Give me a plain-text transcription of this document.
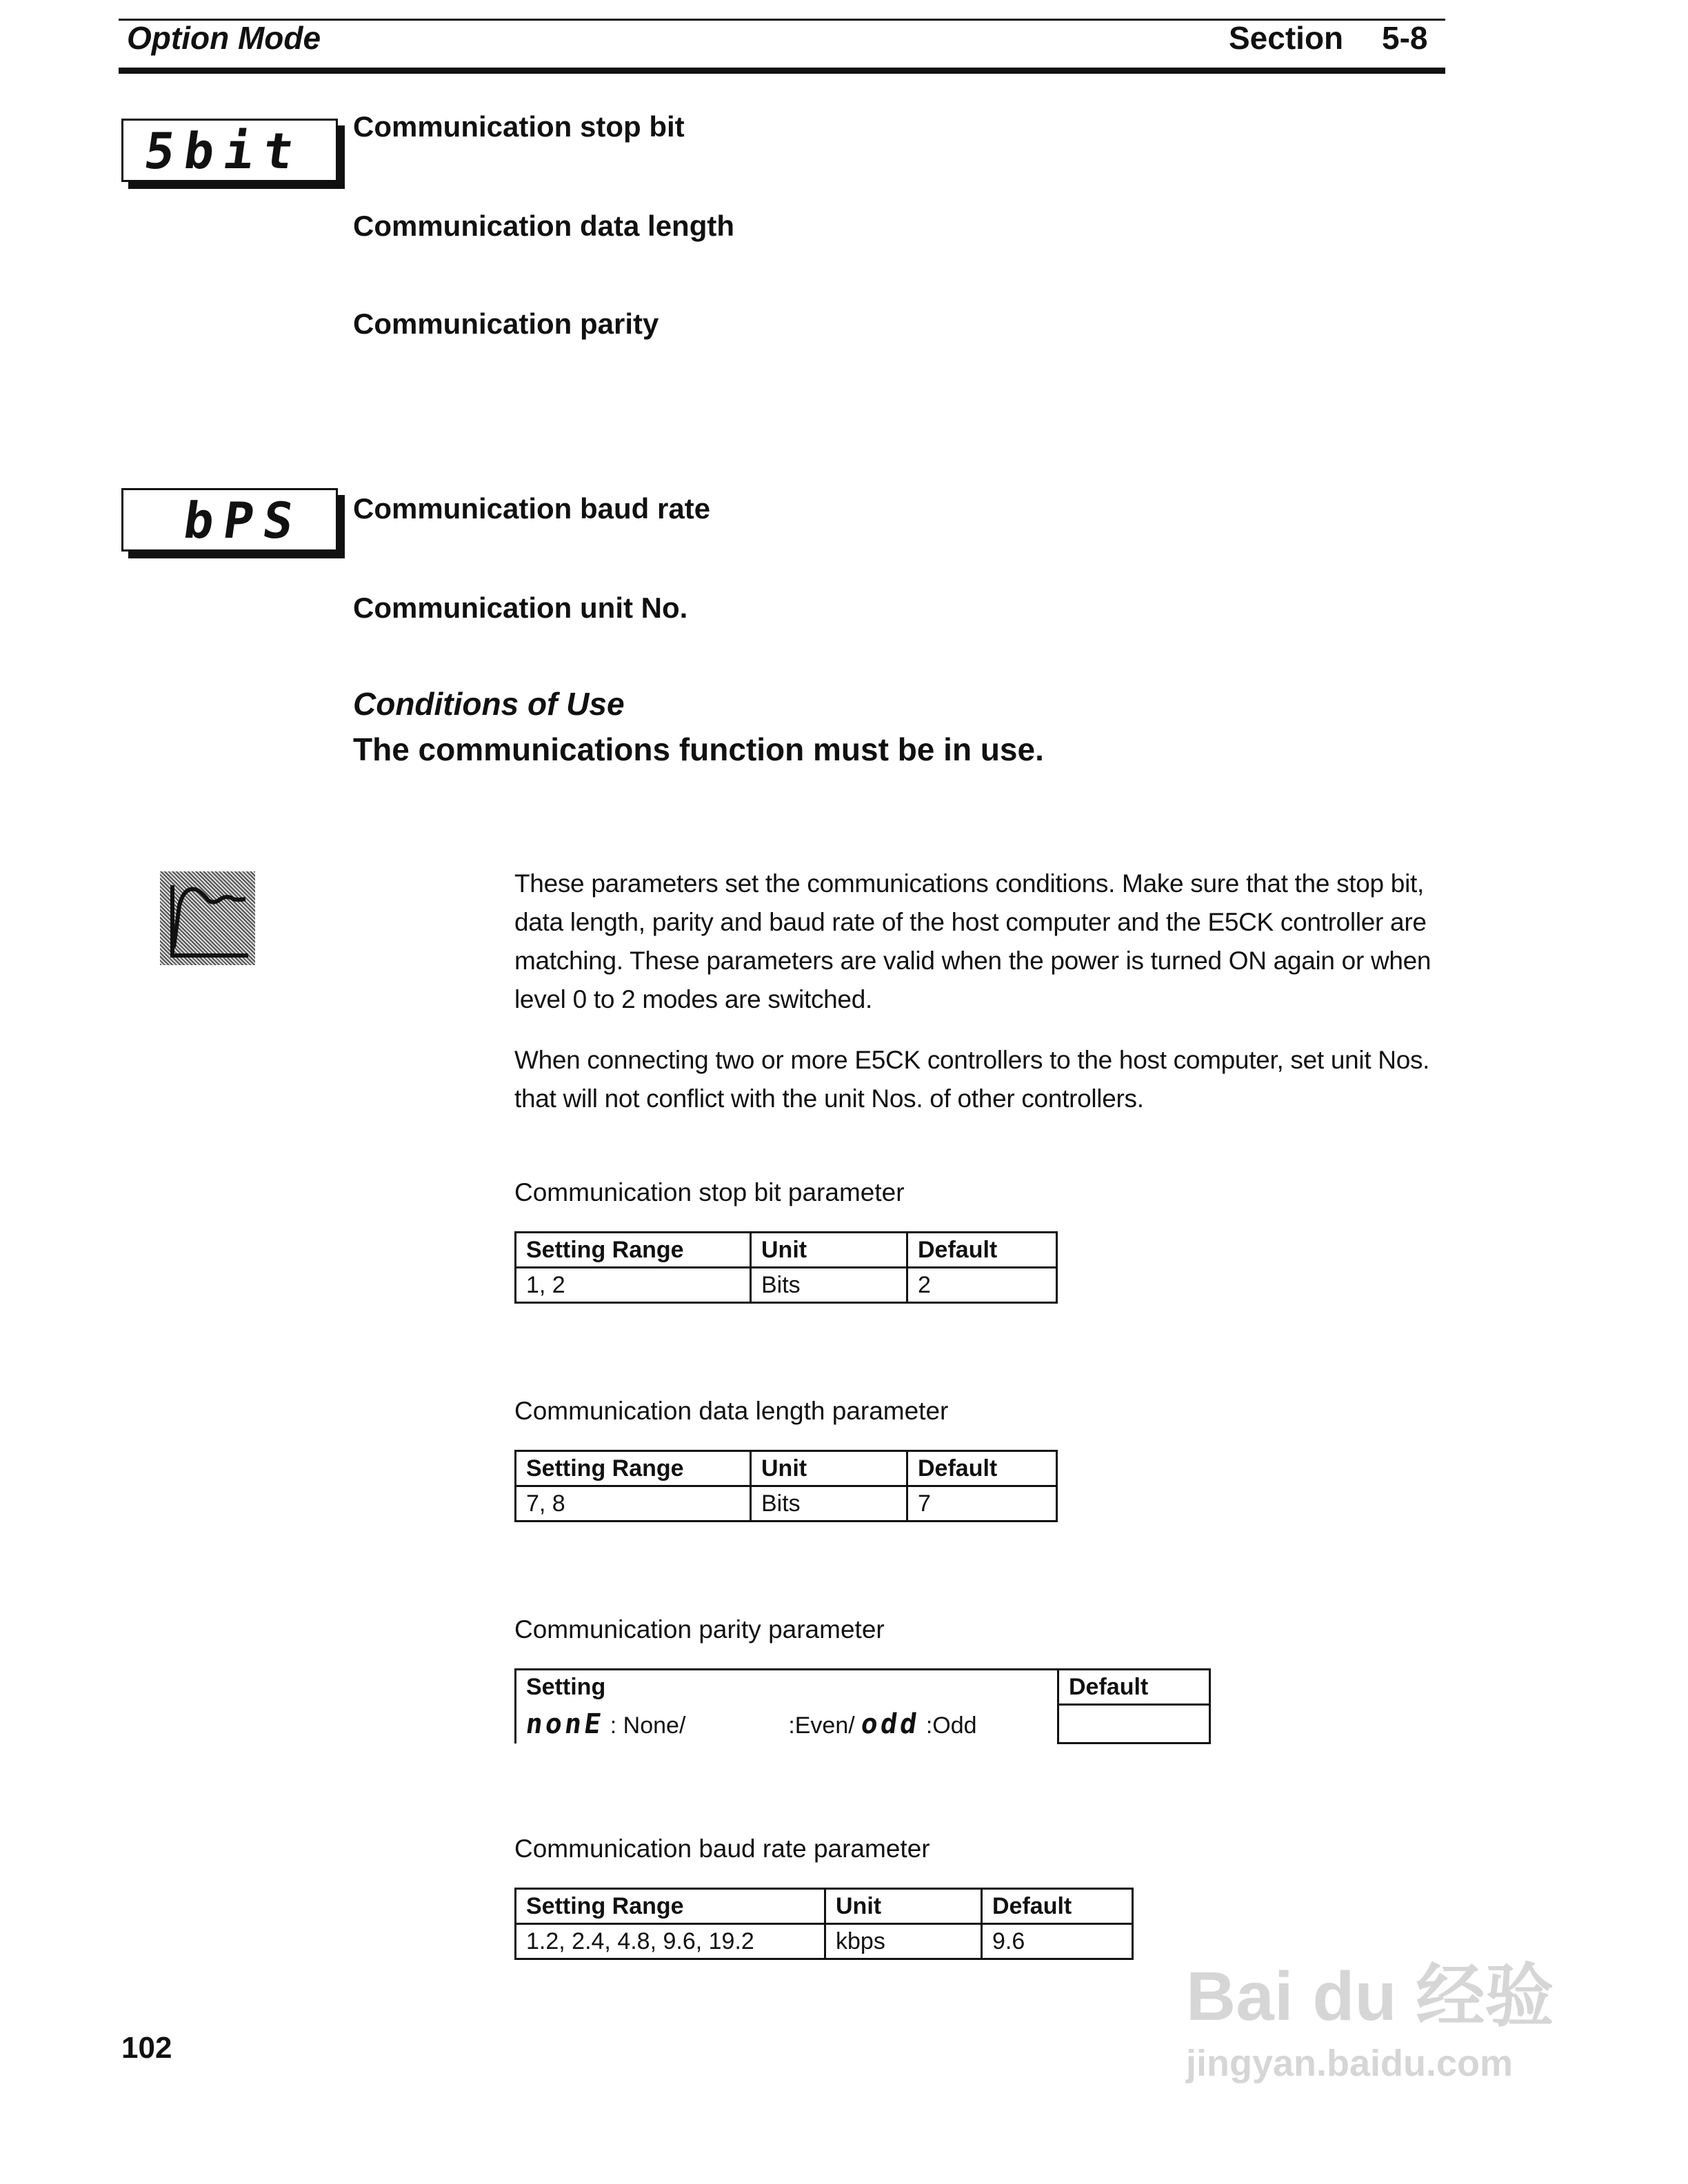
Option Mode	Section 5-8
5bit
bPS
Communication stop bit
Communication data length
Communication parity
Communication baud rate
Communication unit No.
Conditions of Use
The communications function must be in use.

These parameters set the communications conditions. Make sure that the stop bit, data length, parity and baud rate of the host computer and the E5CK controller are matching. These parameters are valid when the power is turned ON again or when level 0 to 2 modes are switched.

When connecting two or more E5CK controllers to the host computer, set unit Nos. that will not conflict with the unit Nos. of other controllers.

Communication stop bit parameter
Setting Range	Unit	Default
1, 2	Bits	2
Communication data length parameter
Setting Range	Unit	Default
7, 8	Bits	7
Communication parity parameter
Setting	Default
nonE : None/ :Even/ odd :Odd	
Communication baud rate parameter
Setting Range	Unit	Default
1.2, 2.4, 4.8, 9.6, 19.2	kbps	9.6
102
Bai du 经验
jingyan.baidu.com
